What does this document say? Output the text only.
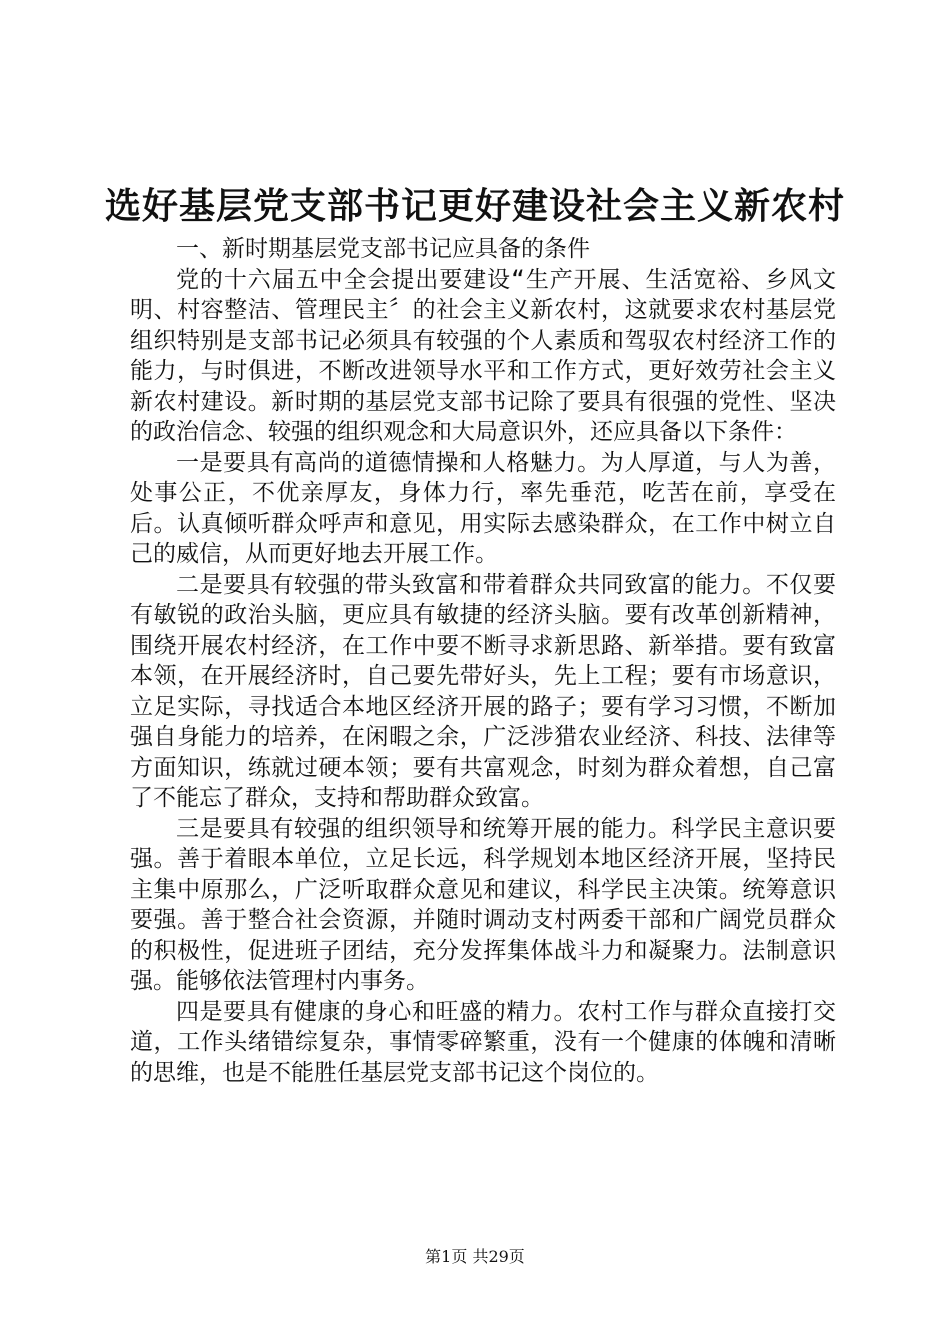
选好基层党支部书记更好建设社会主义新农村

一、新时期基层党支部书记应具备的条件

党的十六届五中全会提出要建设“生产开展、生活宽裕、乡风文明、村容整洁、管理民主〞的社会主义新农村，这就要求农村基层党组织特别是支部书记必须具有较强的个人素质和驾驭农村经济工作的能力，与时俱进，不断改进领导水平和工作方式，更好效劳社会主义新农村建设。新时期的基层党支部书记除了要具有很强的党性、坚决的政治信念、较强的组织观念和大局意识外，还应具备以下条件：

一是要具有高尚的道德情操和人格魅力。为人厚道，与人为善，处事公正，不优亲厚友，身体力行，率先垂范，吃苦在前，享受在后。认真倾听群众呼声和意见，用实际去感染群众，在工作中树立自己的威信，从而更好地去开展工作。

二是要具有较强的带头致富和带着群众共同致富的能力。不仅要有敏锐的政治头脑，更应具有敏捷的经济头脑。要有改革创新精神，围绕开展农村经济，在工作中要不断寻求新思路、新举措。要有致富本领，在开展经济时，自己要先带好头，先上工程；要有市场意识，立足实际，寻找适合本地区经济开展的路子；要有学习习惯，不断加强自身能力的培养，在闲暇之余，广泛涉猎农业经济、科技、法律等方面知识，练就过硬本领；要有共富观念，时刻为群众着想，自己富了不能忘了群众，支持和帮助群众致富。

三是要具有较强的组织领导和统筹开展的能力。科学民主意识要强。善于着眼本单位，立足长远，科学规划本地区经济开展，坚持民主集中原那么，广泛听取群众意见和建议，科学民主决策。统筹意识要强。善于整合社会资源，并随时调动支村两委干部和广阔党员群众的积极性，促进班子团结，充分发挥集体战斗力和凝聚力。法制意识强。能够依法管理村内事务。

四是要具有健康的身心和旺盛的精力。农村工作与群众直接打交道，工作头绪错综复杂，事情零碎繁重，没有一个健康的体魄和清晰的思维，也是不能胜任基层党支部书记这个岗位的。

第1页 共29页
